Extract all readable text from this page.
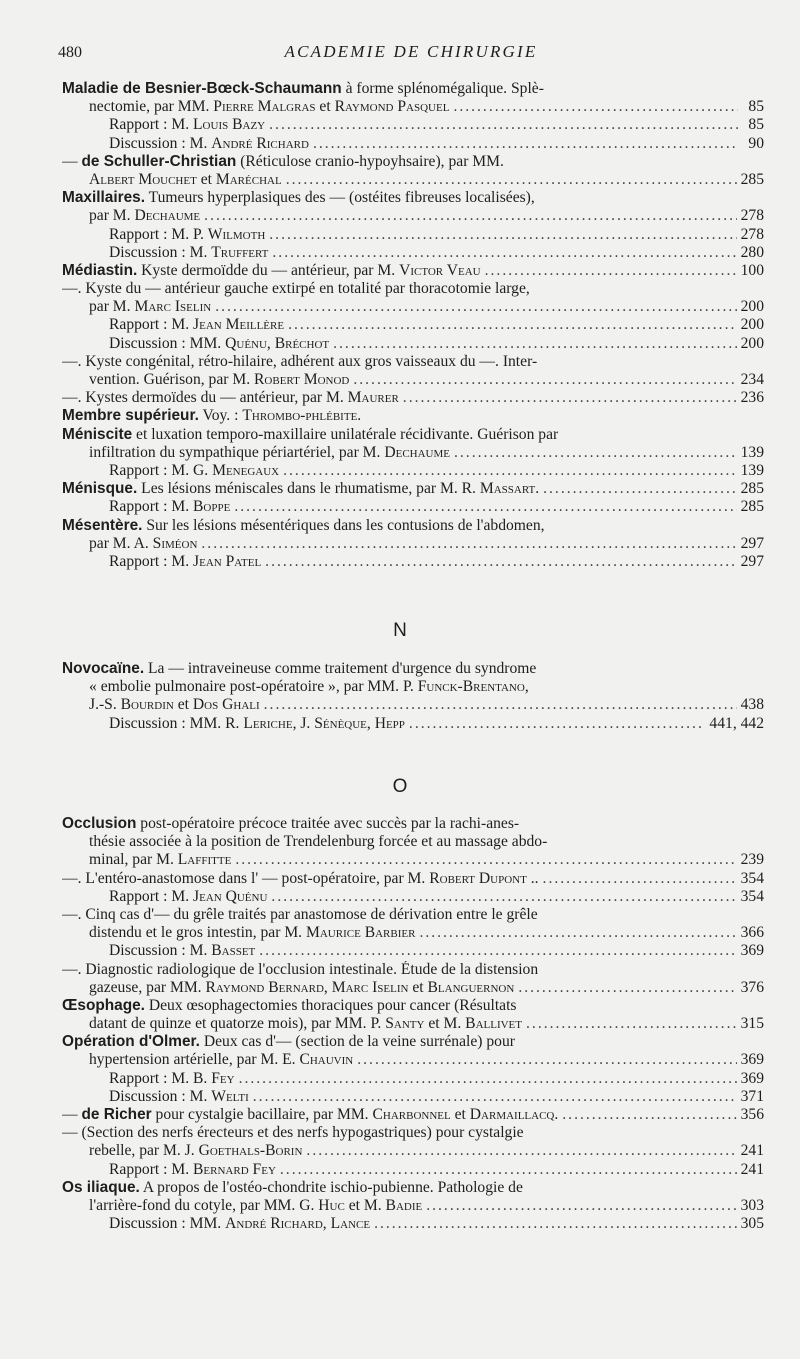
480	ACADEMIE DE CHIRURGIE
Maladie de Besnier-Bœck-Schaumann à forme splénomégalique. Splè-
nectomie, par MM. Pierre Malgras et Raymond Pasquel .....	85
Rapport : M. Louis Bazy .....	85
Discussion : M. André Richard .....	90
— de Schuller-Christian (Réticulose cranio-hypoyhsaire), par MM.
Albert Mouchet et Maréchal .....	285
Maxillaires. Tumeurs hyperplasiques des — (ostéites fibreuses localisées),
par M. Dechaume .....	278
Rapport : M. P. Wilmoth .....	278
Discussion : M. Truffert .....	280
Médiastin. Kyste dermoïdde du — antérieur, par M. Victor Veau .....	100
—. Kyste du — antérieur gauche extirpé en totalité par thoracotomie large,
par M. Marc Iselin .....	200
Rapport : M. Jean Meillère .....	200
Discussion : MM. Quénu, Bréchot .....	200
—. Kyste congénital, rétro-hilaire, adhérent aux gros vaisseaux du —. Inter-
vention. Guérison, par M. Robert Monod .....	234
—. Kystes dermoïdes du — antérieur, par M. Maurer .....	236
Membre supérieur. Voy. : Thrombo-phlébite.
Méniscite et luxation temporo-maxillaire unilatérale récidivante. Guérison par
infiltration du sympathique périartériel, par M. Dechaume .....	139
Rapport : M. G. Menegaux .....	139
Ménisque. Les lésions méniscales dans le rhumatisme, par M. R. Massart. .....	285
Rapport : M. Boppe .....	285
Mésentère. Sur les lésions mésentériques dans les contusions de l'abdomen,
par M. A. Siméon .....	297
Rapport : M. Jean Patel .....	297
N
Novocaïne. La — intraveineuse comme traitement d'urgence du syndrome
« embolie pulmonaire post-opératoire », par MM. P. Funck-Brentano,
J.-S. Bourdin et Dos Ghali .....	438
Discussion : MM. R. Leriche, J. Sénèque, Hepp .....	441, 442
O
Occlusion post-opératoire précoce traitée avec succès par la rachi-anes-
thésie associée à la position de Trendelenburg forcée et au massage abdo-
minal, par M. Laffitte .....	239
—. L'entéro-anastomose dans l' — post-opératoire, par M. Robert Dupont .. .....	354
Rapport : M. Jean Quénu .....	354
—. Cinq cas d'— du grêle traités par anastomose de dérivation entre le grêle
distendu et le gros intestin, par M. Maurice Barbier .....	366
Discussion : M. Basset .....	369
—. Diagnostic radiologique de l'occlusion intestinale. Étude de la distension
gazeuse, par MM. Raymond Bernard, Marc Iselin et Blanguernon .....	376
Œsophage. Deux œsophagectomies thoraciques pour cancer (Résultats
datant de quinze et quatorze mois), par MM. P. Santy et M. Ballivet .....	315
Opération d'Olmer. Deux cas d'— (section de la veine surrénale) pour
hypertension artérielle, par M. E. Chauvin .....	369
Rapport : M. B. Fey .....	369
Discussion : M. Welti .....	371
— de Richer pour cystalgie bacillaire, par MM. Charbonnel et Darmaillacq. .....	356
— (Section des nerfs érecteurs et des nerfs hypogastriques) pour cystalgie
rebelle, par M. J. Goethals-Borin .....	241
Rapport : M. Bernard Fey .....	241
Os iliaque. A propos de l'ostéo-chondrite ischio-pubienne. Pathologie de
l'arrière-fond du cotyle, par MM. G. Huc et M. Badie .....	303
Discussion : MM. André Richard, Lance .....	305
